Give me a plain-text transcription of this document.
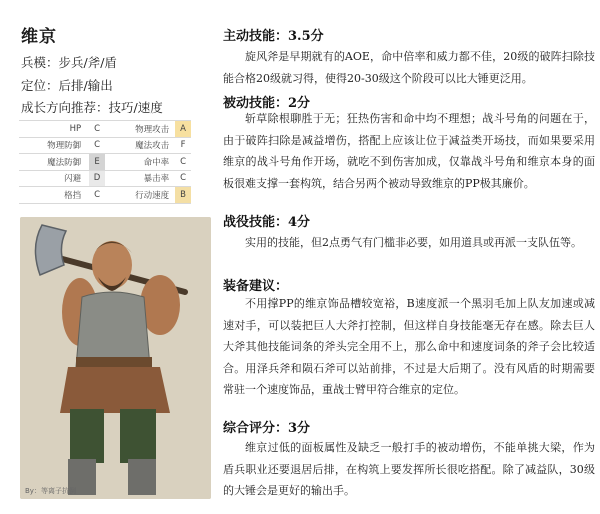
维京
兵模：步兵/斧/盾
定位：后排/输出
成长方向推荐：技巧/速度
HP	C		物理攻击	A
物理防御	C		魔法攻击	F
魔法防御	E		命中率	C
闪避	D		暴击率	C
格挡	C		行动速度	B
By：等离子抗倒
主动技能：3.5分
旋风斧是早期就有的AOE，命中倍率和威力都不佳，20级的破阵扫除技能合格20级就习得，使得20-30级这个阶段可以比大锤更泛用。
被动技能：2分
斩草除根聊胜于无；狂热伤害和命中均不理想；战斗号角的问题在于，由于破阵扫除是减益增伤，搭配上应该让位于减益类开场技，而如果要采用维京的战斗号角作开场，就吃不到伤害加成，仅靠战斗号角和维京本身的面板很难支撑一套构筑，结合另两个被动导致维京的PP极其廉价。
战役技能：4分
实用的技能，但2点勇气有门槛非必要，如用道具或再派一支队伍等。
装备建议：
不用撑PP的维京饰品槽较宽裕，B速度派一个黑羽毛加上队友加速或减速对手，可以装把巨人大斧打控制，但这样自身技能毫无存在感。除去巨人大斧其他技能词条的斧头完全用不上，那么命中和速度词条的斧子会比较适合。用泽兵斧和陨石斧可以站前排，不过是大后期了。没有风盾的时期需要常驻一个速度饰品，重战士臂甲符合维京的定位。
综合评分：3分
维京过低的面板属性及缺乏一般打手的被动增伤，不能单挑大梁，作为盾兵职业还要退居后排，在构筑上要发挥所长很吃搭配。除了减益队，30级的大锤会是更好的输出手。
